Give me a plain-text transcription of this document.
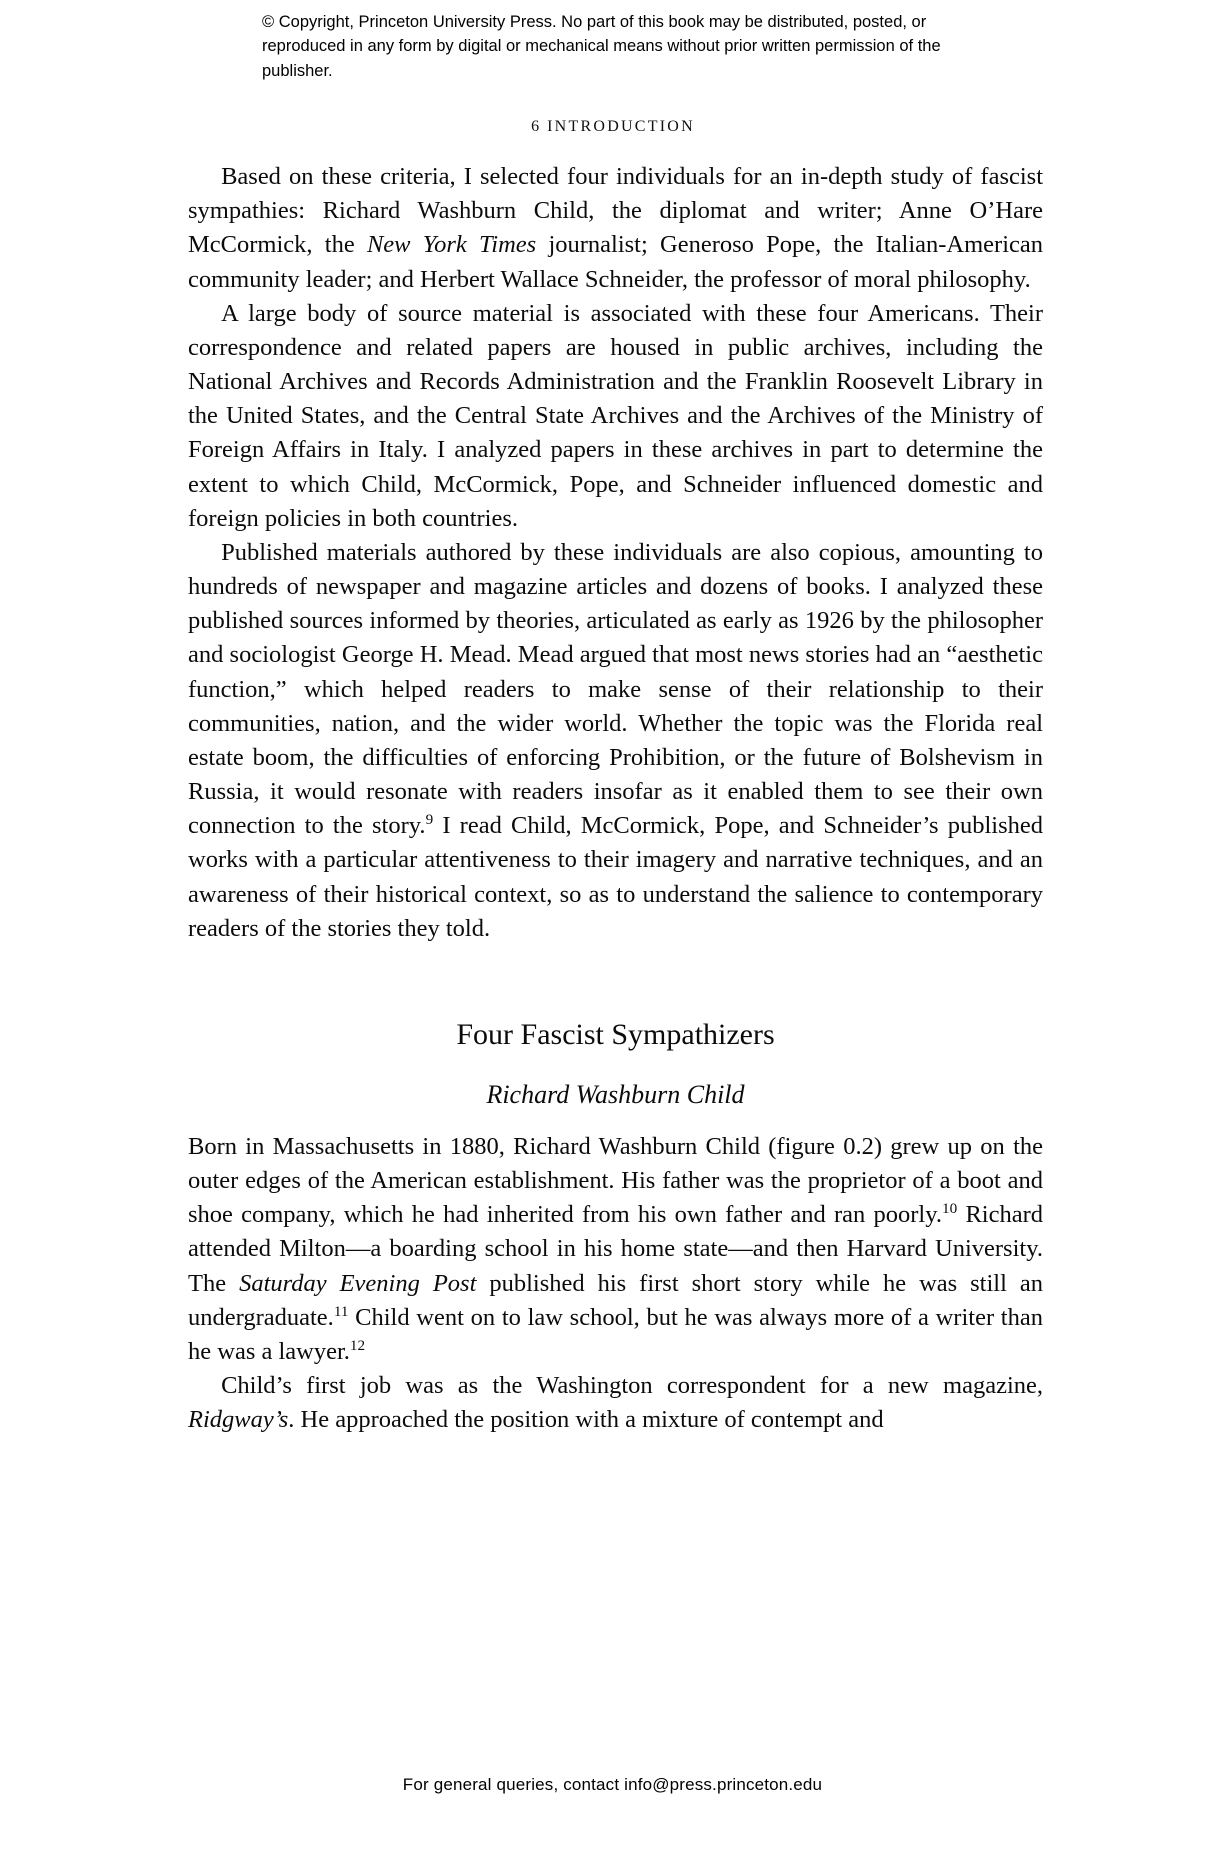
© Copyright, Princeton University Press. No part of this book may be distributed, posted, or reproduced in any form by digital or mechanical means without prior written permission of the publisher.
6 INTRODUCTION

Based on these criteria, I selected four individuals for an in-depth study of fascist sympathies: Richard Washburn Child, the diplomat and writer; Anne O’Hare McCormick, the New York Times journalist; Generoso Pope, the Italian-American community leader; and Herbert Wallace Schneider, the professor of moral philosophy.

A large body of source material is associated with these four Americans. Their correspondence and related papers are housed in public archives, including the National Archives and Records Administration and the Franklin Roosevelt Library in the United States, and the Central State Archives and the Archives of the Ministry of Foreign Affairs in Italy. I analyzed papers in these archives in part to determine the extent to which Child, McCormick, Pope, and Schneider influenced domestic and foreign policies in both countries.

Published materials authored by these individuals are also copious, amounting to hundreds of newspaper and magazine articles and dozens of books. I analyzed these published sources informed by theories, articulated as early as 1926 by the philosopher and sociologist George H. Mead. Mead argued that most news stories had an “aesthetic function,” which helped readers to make sense of their relationship to their communities, nation, and the wider world. Whether the topic was the Florida real estate boom, the difficulties of enforcing Prohibition, or the future of Bolshevism in Russia, it would resonate with readers insofar as it enabled them to see their own connection to the story.$^9$ I read Child, McCormick, Pope, and Schneider’s published works with a particular attentiveness to their imagery and narrative techniques, and an awareness of their historical context, so as to understand the salience to contemporary readers of the stories they told.

Four Fascist Sympathizers
Richard Washburn Child

Born in Massachusetts in 1880, Richard Washburn Child (figure 0.2) grew up on the outer edges of the American establishment. His father was the proprietor of a boot and shoe company, which he had inherited from his own father and ran poorly.$^{10}$ Richard attended Milton—a boarding school in his home state—and then Harvard University. The Saturday Evening Post published his first short story while he was still an undergraduate.$^{11}$ Child went on to law school, but he was always more of a writer than he was a lawyer.$^{12}$

Child’s first job was as the Washington correspondent for a new magazine, Ridgway’s. He approached the position with a mixture of contempt and

For general queries, contact info@press.princeton.edu
